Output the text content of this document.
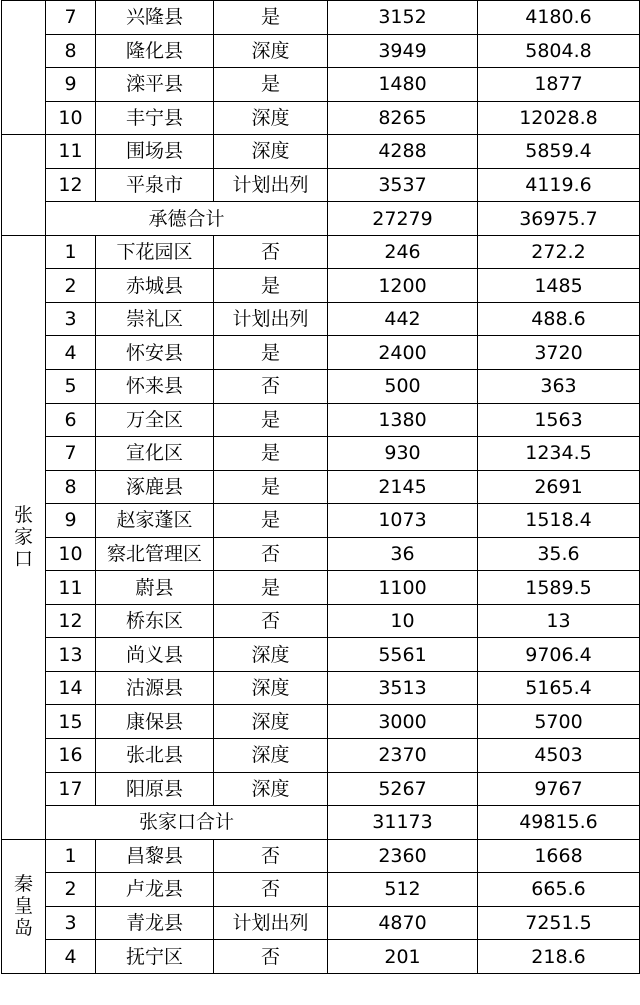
	7	兴隆县	是	3152	4180.6
	8	隆化县	深度	3949	5804.8
	9	滦平县	是	1480	1877
	10	丰宁县	深度	8265	12028.8
	11	围场县	深度	4288	5859.4
	12	平泉市	计划出列	3537	4119.6
	承德合计			27279	36975.7
张家口	1	下花园区	否	246	272.2
	2	赤城县	是	1200	1485
	3	崇礼区	计划出列	442	488.6
	4	怀安县	是	2400	3720
	5	怀来县	否	500	363
	6	万全区	是	1380	1563
	7	宣化区	是	930	1234.5
	8	涿鹿县	是	2145	2691
	9	赵家蓬区	是	1073	1518.4
	10	察北管理区	否	36	35.6
	11	蔚县	是	1100	1589.5
	12	桥东区	否	10	13
	13	尚义县	深度	5561	9706.4
	14	沽源县	深度	3513	5165.4
	15	康保县	深度	3000	5700
	16	张北县	深度	2370	4503
	17	阳原县	深度	5267	9767
	张家口合计			31173	49815.6
秦皇岛	1	昌黎县	否	2360	1668
	2	卢龙县	否	512	665.6
	3	青龙县	计划出列	4870	7251.5
	4	抚宁区	否	201	218.6
